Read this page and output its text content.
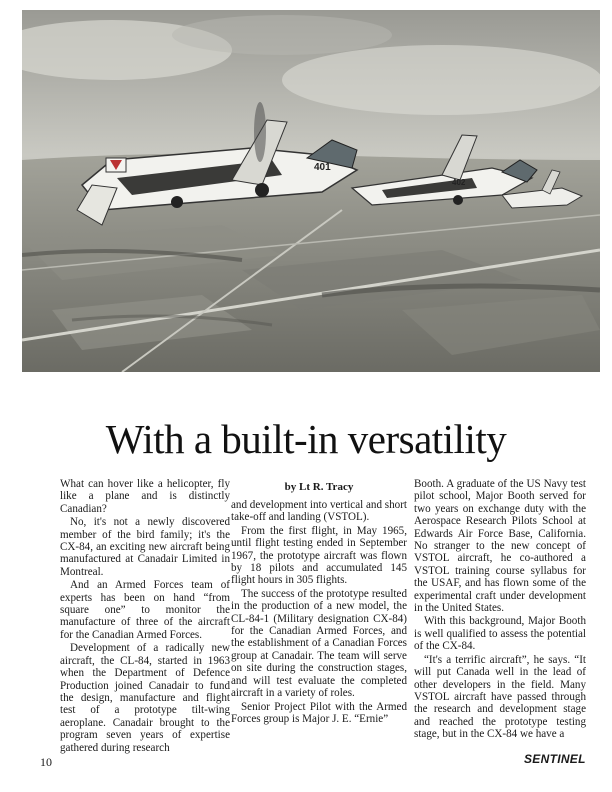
401
402
With a built-in versatility

What can hover like a helicopter, fly like a plane and is distinctly Canadian?

No, it's not a newly discovered member of the bird family; it's the CX-84, an exciting new aircraft being manufactured at Canadair Limited in Montreal.

And an Armed Forces team of experts has been on hand “from square one” to monitor the manufacture of three of the aircraft for the Canadian Armed Forces.

Development of a radically new aircraft, the CL-84, started in 1963 when the Department of Defence Production joined Canadair to fund the design, manufacture and flight test of a prototype tilt-wing aeroplane. Canadair brought to the program seven years of expertise gathered during research

by Lt R. Tracy

and development into vertical and short take-off and landing (VSTOL).

From the first flight, in May 1965, until flight testing ended in September 1967, the prototype aircraft was flown by 18 pilots and accumulated 145 flight hours in 305 flights.

The success of the prototype resulted in the production of a new model, the CL-84-1 (Military designation CX-84) for the Canadian Armed Forces, and the establishment of a Canadian Forces group at Canadair. The team will serve on site during the construction stages, and will test evaluate the completed aircraft in a variety of roles.

Senior Project Pilot with the Armed Forces group is Major J. E. “Ernie”

Booth. A graduate of the US Navy test pilot school, Major Booth served for two years on exchange duty with the Aerospace Research Pilots School at Edwards Air Force Base, California. No stranger to the new concept of VSTOL aircraft, he co-authored a VSTOL training course syllabus for the USAF, and has flown some of the experimental craft under development in the United States.

With this background, Major Booth is well qualified to assess the potential of the CX-84.

“It's a terrific aircraft”, he says. “It will put Canada well in the lead of other developers in the field. Many VSTOL aircraft have passed through the research and development stage and reached the prototype testing stage, but in the CX-84 we have a

10	SENTINEL
